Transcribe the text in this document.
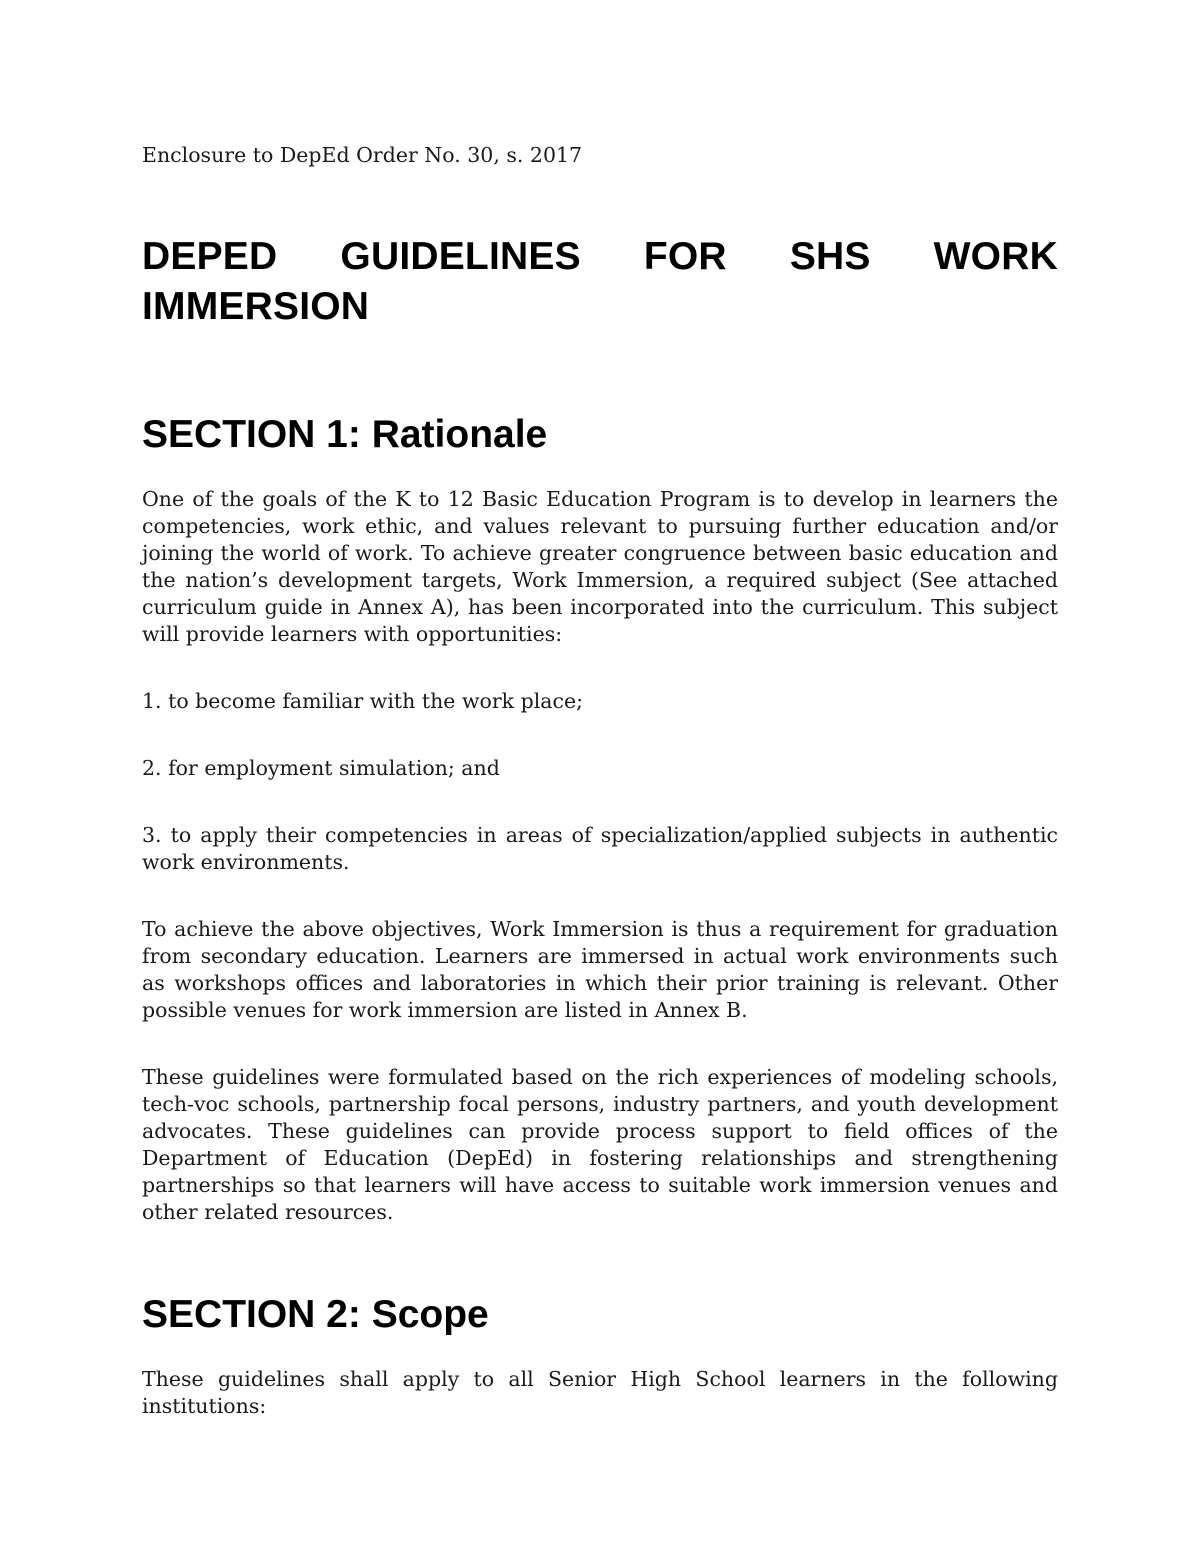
Enclosure to DepEd Order No. 30, s. 2017

DEPED GUIDELINES FOR SHS WORK
IMMERSION
SECTION 1: Rationale

One of the goals of the K to 12 Basic Education Program is to develop in learners the competencies, work ethic, and values relevant to pursuing further education and/or joining the world of work. To achieve greater congruence between basic education and the nation’s development targets, Work Immersion, a required subject (See attached curriculum guide in Annex A), has been incorporated into the curriculum. This subject will provide learners with opportunities:

1. to become familiar with the work place;

2. for employment simulation; and

3. to apply their competencies in areas of specialization/applied subjects in authentic work environments.

To achieve the above objectives, Work Immersion is thus a requirement for graduation from secondary education. Learners are immersed in actual work environments such as workshops offices and laboratories in which their prior training is relevant. Other possible venues for work immersion are listed in Annex B.

These guidelines were formulated based on the rich experiences of modeling schools, tech-voc schools, partnership focal persons, industry partners, and youth development advocates. These guidelines can provide process support to field offices of the Department of Education (DepEd) in fostering relationships and strengthening partnerships so that learners will have access to suitable work immersion venues and other related resources.

SECTION 2: Scope

These guidelines shall apply to all Senior High School learners in the following institutions:
